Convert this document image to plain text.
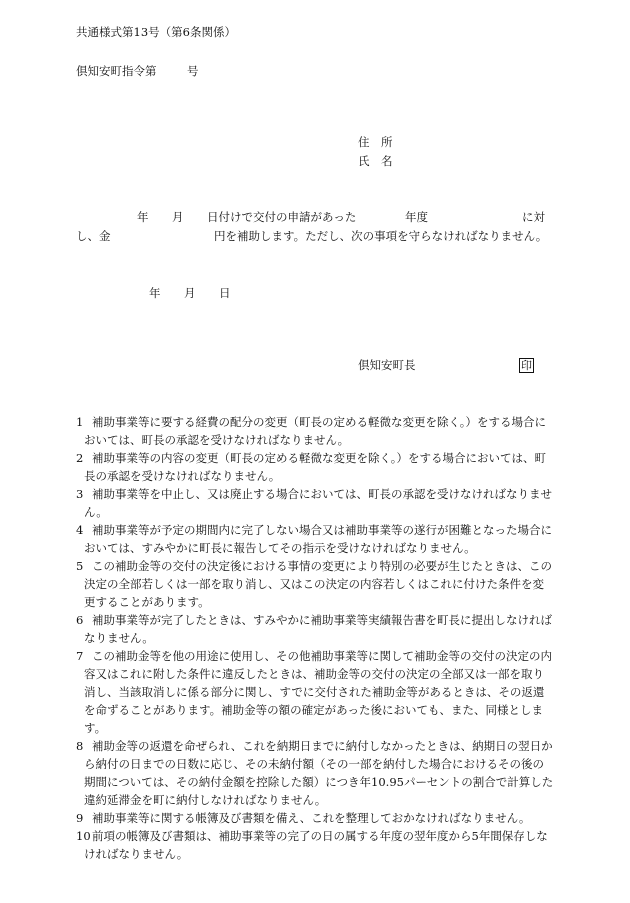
共通様式第13号（第6条関係）
倶知安町指令第	号
住　所
氏　名
年 月 日付けで交付の申請があった	年度	に対
し、金　　　　　　　　　円を補助します。ただし、次の事項を守らなければなりません。
年 月 日
倶知安町長	印

1 補助事業等に要する経費の配分の変更（町長の定める軽微な変更を除く。）をする場合においては、町長の承認を受けなければなりません。

2 補助事業等の内容の変更（町長の定める軽微な変更を除く。）をする場合においては、町長の承認を受けなければなりません。

3 補助事業等を中止し、又は廃止する場合においては、町長の承認を受けなければなりません。

4 補助事業等が予定の期間内に完了しない場合又は補助事業等の遂行が困難となった場合においては、すみやかに町長に報告してその指示を受けなければなりません。

5 この補助金等の交付の決定後における事情の変更により特別の必要が生じたときは、この決定の全部若しくは一部を取り消し、又はこの決定の内容若しくはこれに付けた条件を変更することがあります。

6 補助事業等が完了したときは、すみやかに補助事業等実績報告書を町長に提出しなければなりません。

7 この補助金等を他の用途に使用し、その他補助事業等に関して補助金等の交付の決定の内容又はこれに附した条件に違反したときは、補助金等の交付の決定の全部又は一部を取り消し、当該取消しに係る部分に関し、すでに交付された補助金等があるときは、その返還を命ずることがあります。補助金等の額の確定があった後においても、また、同様とします。

8 補助金等の返還を命ぜられ、これを納期日までに納付しなかったときは、納期日の翌日から納付の日までの日数に応じ、その未納付額（その一部を納付した場合におけるその後の期間については、その納付金額を控除した額）につき年10.95パーセントの割合で計算した違約延滞金を町に納付しなければなりません。

9 補助事業等に関する帳簿及び書類を備え、これを整理しておかなければなりません。

10前項の帳簿及び書類は、補助事業等の完了の日の属する年度の翌年度から5年間保存しなければなりません。
